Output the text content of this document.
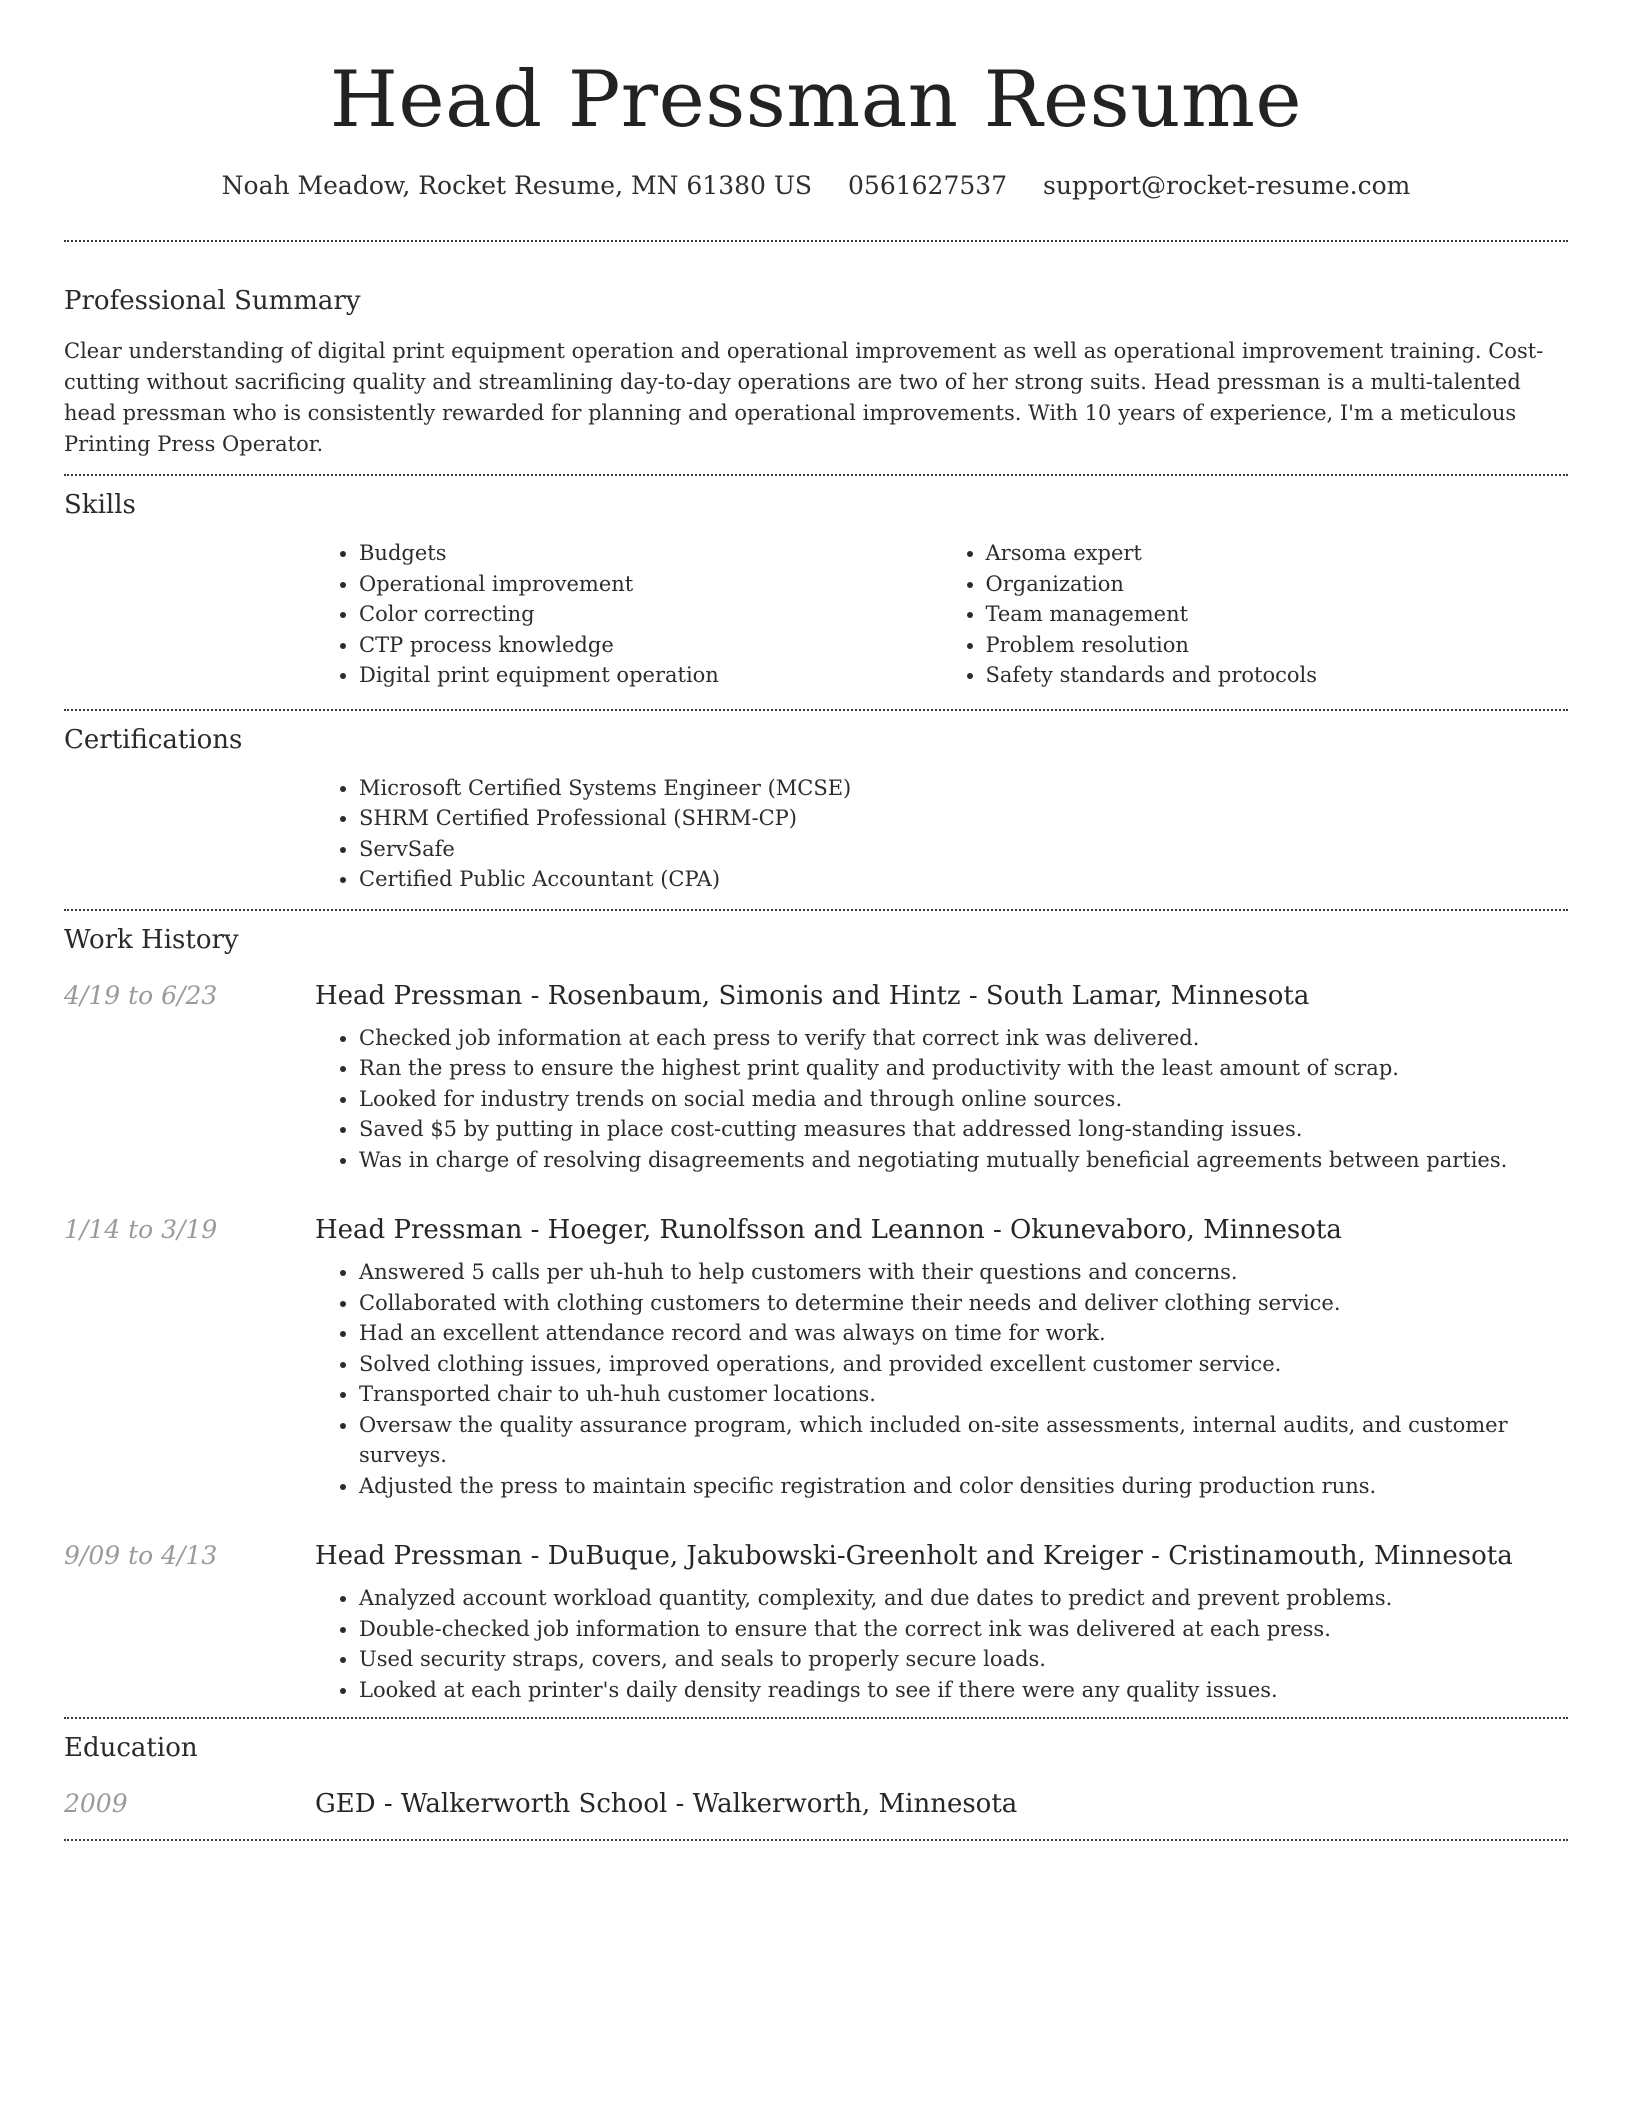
Head Pressman Resume
Noah Meadow, Rocket Resume, MN 61380 US 0561627537 support@rocket-resume.com
Professional Summary

Clear understanding of digital print equipment operation and operational improvement as well as operational improvement training. Cost-cutting without sacrificing quality and streamlining day-to-day operations are two of her strong suits. Head pressman is a multi-talented head pressman who is consistently rewarded for planning and operational improvements. With 10 years of experience, I'm a meticulous Printing Press Operator.

Skills
• Budgets
• Operational improvement
• Color correcting
• CTP process knowledge
• Digital print equipment operation
• Arsoma expert
• Organization
• Team management
• Problem resolution
• Safety standards and protocols
Certifications
• Microsoft Certified Systems Engineer (MCSE)
• SHRM Certified Professional (SHRM-CP)
• ServSafe
• Certified Public Accountant (CPA)
Work History
4/19 to 6/23	Head Pressman - Rosenbaum, Simonis and Hintz - South Lamar, Minnesota
• Checked job information at each press to verify that correct ink was delivered.
• Ran the press to ensure the highest print quality and productivity with the least amount of scrap.
• Looked for industry trends on social media and through online sources.
• Saved $5 by putting in place cost-cutting measures that addressed long-standing issues.
• Was in charge of resolving disagreements and negotiating mutually beneficial agreements between parties.
1/14 to 3/19	Head Pressman - Hoeger, Runolfsson and Leannon - Okunevaboro, Minnesota
• Answered 5 calls per uh-huh to help customers with their questions and concerns.
• Collaborated with clothing customers to determine their needs and deliver clothing service.
• Had an excellent attendance record and was always on time for work.
• Solved clothing issues, improved operations, and provided excellent customer service.
• Transported chair to uh-huh customer locations.
• Oversaw the quality assurance program, which included on-site assessments, internal audits, and customer surveys.
• Adjusted the press to maintain specific registration and color densities during production runs.
9/09 to 4/13	Head Pressman - DuBuque, Jakubowski-Greenholt and Kreiger - Cristinamouth, Minnesota
• Analyzed account workload quantity, complexity, and due dates to predict and prevent problems.
• Double-checked job information to ensure that the correct ink was delivered at each press.
• Used security straps, covers, and seals to properly secure loads.
• Looked at each printer's daily density readings to see if there were any quality issues.
Education
2009	GED - Walkerworth School - Walkerworth, Minnesota
